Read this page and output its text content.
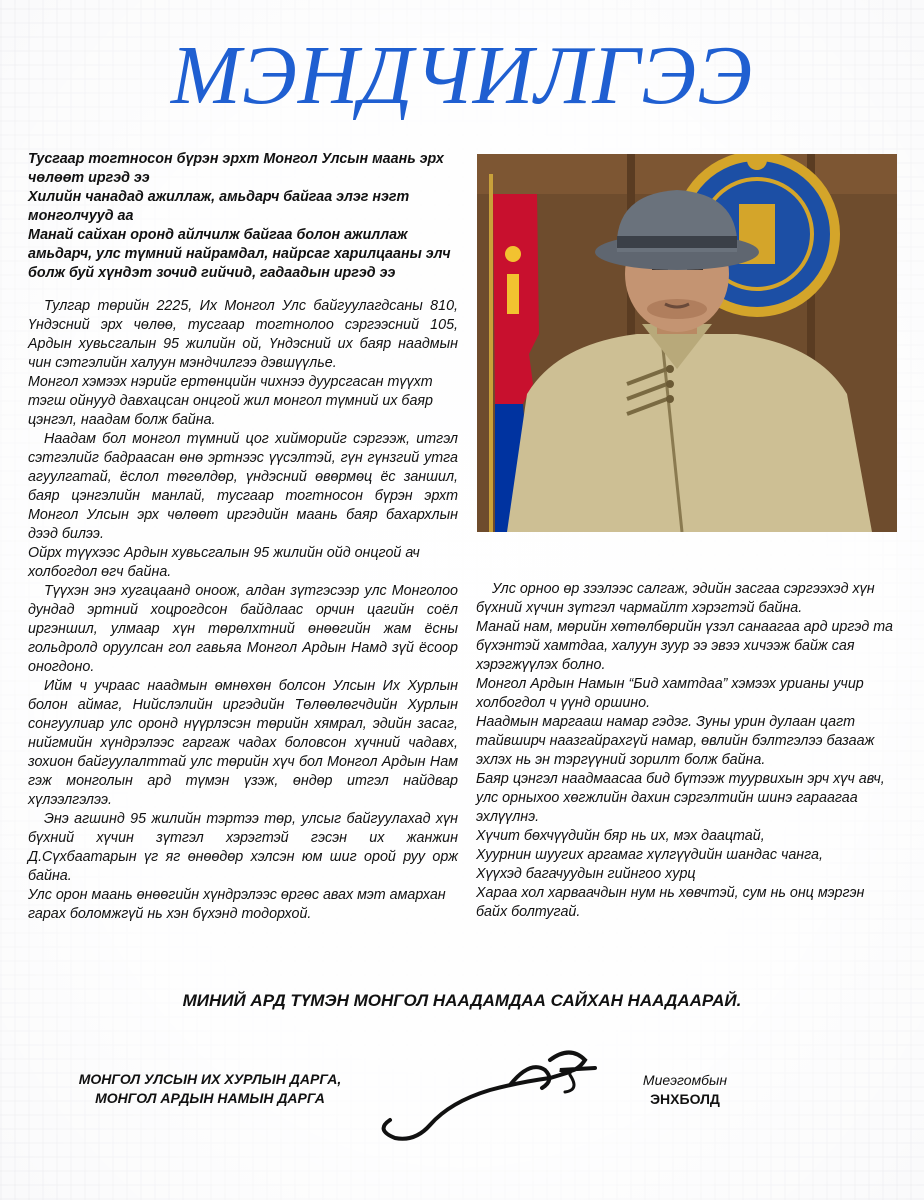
МЭНДЧИЛГЭЭ

Тусгаар тогтносон бүрэн эрхт Монгол Улсын маань эрх чөлөөт иргэд ээ

Хилийн чанадад ажиллаж, амьдарч байгаа элэг нэгт монголчууд аа

Манай сайхан оронд айлчилж байгаа болон ажиллаж амьдарч, улс түмний найрамдал, найрсаг харилцааны элч болж буй хүндэт зочид гийчид, гадаадын иргэд ээ

Тулгар төрийн 2225, Их Монгол Улс байгуулагдсаны 810, Үндэсний эрх чөлөө, тусгаар тогтнолоо сэргээсний 105, Ардын хувьсгалын 95 жилийн ой, Үндэсний их баяр наадмын чин сэтгэлийн халуун мэндчилгээ дэвшүүлье.

Монгол хэмээх нэрийг ертөнцийн чихнээ дуурсгасан түүхт тэгш ойнууд давхацсан онцгой жил монгол түмний их баяр цэнгэл, наадам болж байна.

Наадам бол монгол түмний цог хийморийг сэргээж, итгэл сэтгэлийг бадраасан өнө эртнээс үүсэлтэй, гүн гүнзгий утга агуулгатай, ёслол төгөлдөр, үндэсний өвөрмөц ёс заншил, баяр цэнгэлийн манлай, тусгаар тогтносон бүрэн эрхт Монгол Улсын эрх чөлөөт иргэдийн маань баяр бахархлын дээд билээ.

Ойрх түүхээс Ардын хувьсгалын 95 жилийн ойд онцгой ач холбогдол өгч байна.

Түүхэн энэ хугацаанд оноож, алдан зүтгэсээр улс Монголоо дундад эртний хоцрогдсон байдлаас орчин цагийн соёл иргэншил, улмаар хүн төрөлхтний өнөөгийн жам ёсны гольдролд оруулсан гол гавьяа Монгол Ардын Намд зүй ёсоор оногдоно.

Ийм ч учраас наадмын өмнөхөн болсон Улсын Их Хурлын болон аймаг, Нийслэлийн иргэдийн Төлөөлөгчдийн Хурлын сонгуулиар улс оронд нүүрлэсэн төрийн хямрал, эдийн засаг, нийгмийн хүндрэлээс гаргаж чадах боловсон хүчний чадавх, зохион байгуулалттай улс төрийн хүч бол Монгол Ардын Нам гэж монголын ард түмэн үзэж, өндөр итгэл найдвар хүлээлгэлээ.

Энэ агшинд 95 жилийн тэртээ төр, улсыг байгуулахад хүн бүхний хүчин зүтгэл хэрэгтэй гэсэн их жанжин Д.Сүхбаатарын үг яг өнөөдөр хэлсэн юм шиг орой руу орж байна.

Улс орон маань өнөөгийн хүндрэлээс өргөс авах мэт амархан гарах боломжгүй нь хэн бүхэнд тодорхой.

Улс орноо өр зээлээс салгаж, эдийн засгаа сэргээхэд хүн бүхний хүчин зүтгэл чармайлт хэрэгтэй байна.

Манай нам, мөрийн хөтөлбөрийн үзэл санаагаа ард иргэд та бүхэнтэй хамтдаа, халуун зуур ээ эвээ хичээж байж сая хэрэгжүүлэх болно.

Монгол Ардын Намын “Бид хамтдаа” хэмээх урианы учир холбогдол ч үүнд оршино.

Наадмын маргааш намар гэдэг. Зуны урин дулаан цагт тайвширч наазгайрахгүй намар, өвлийн бэлтгэлээ базааж эхлэх нь эн тэргүүний зорилт болж байна.

Баяр цэнгэл наадмаасаа бид бүтээж туурвихын эрч хүч авч, улс орныхоо хөгжлийн дахин сэргэлтийн шинэ гараагаа эхлүүлнэ.

Хүчит бөхчүүдийн бяр нь их, мэх даацтай,

Хуурнин шуугих аргамаг хүлгүүдийн шандас чанга,

Хүүхэд багачуудын гийнгоо хурц

Хараа хол харваачдын нум нь хөвчтэй, сум нь онц мэргэн байх болтугай.

МИНИЙ АРД ТҮМЭН МОНГОЛ НААДАМДАА САЙХАН НААДААРАЙ.
МОНГОЛ УЛСЫН ИХ ХУРЛЫН ДАРГА,
МОНГОЛ АРДЫН НАМЫН ДАРГА
Миеэгомбын
ЭНХБОЛД
